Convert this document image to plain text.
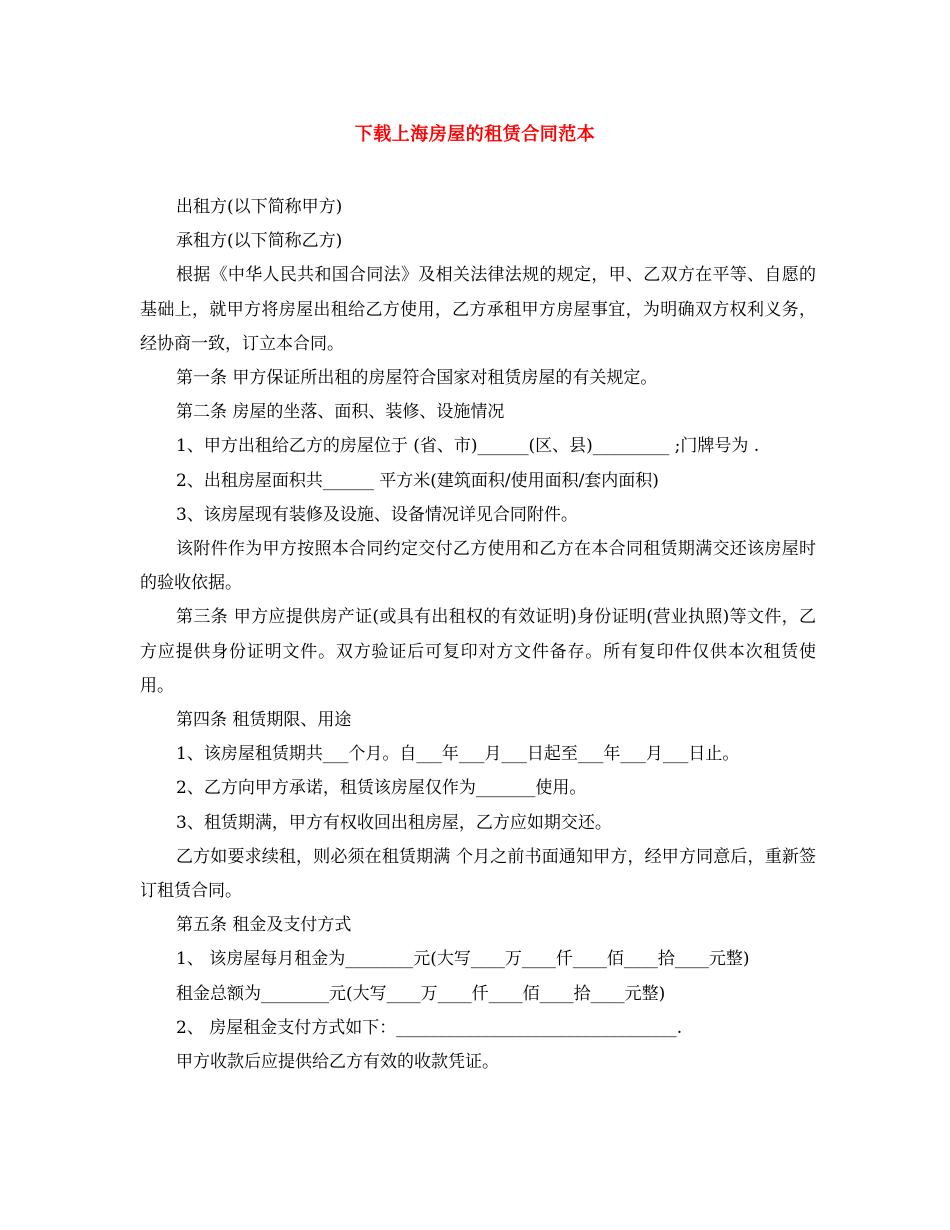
下载上海房屋的租赁合同范本

出租方(以下简称甲方)

承租方(以下简称乙方)

根据《中华人民共和国合同法》及相关法律法规的规定，甲、乙双方在平等、自愿的基础上，就甲方将房屋出租给乙方使用，乙方承租甲方房屋事宜，为明确双方权利义务，经协商一致，订立本合同。

第一条 甲方保证所出租的房屋符合国家对租赁房屋的有关规定。

第二条 房屋的坐落、面积、装修、设施情况

1、甲方出租给乙方的房屋位于 (省、市)______(区、县)_________ ;门牌号为 .

2、出租房屋面积共______ 平方米(建筑面积/使用面积/套内面积)

3、该房屋现有装修及设施、设备情况详见合同附件。

该附件作为甲方按照本合同约定交付乙方使用和乙方在本合同租赁期满交还该房屋时的验收依据。

第三条 甲方应提供房产证(或具有出租权的有效证明)身份证明(营业执照)等文件，乙方应提供身份证明文件。双方验证后可复印对方文件备存。所有复印件仅供本次租赁使用。

第四条 租赁期限、用途

1、该房屋租赁期共___个月。自___年___月___日起至___年___月___日止。

2、乙方向甲方承诺，租赁该房屋仅作为_______使用。

3、租赁期满，甲方有权收回出租房屋，乙方应如期交还。

乙方如要求续租，则必须在租赁期满 个月之前书面通知甲方，经甲方同意后，重新签订租赁合同。

第五条 租金及支付方式

1、 该房屋每月租金为________元(大写____万____仟____佰____拾____元整)

租金总额为________元(大写____万____仟____佰____拾____元整)

2、 房屋租金支付方式如下：_________________________________.

甲方收款后应提供给乙方有效的收款凭证。
